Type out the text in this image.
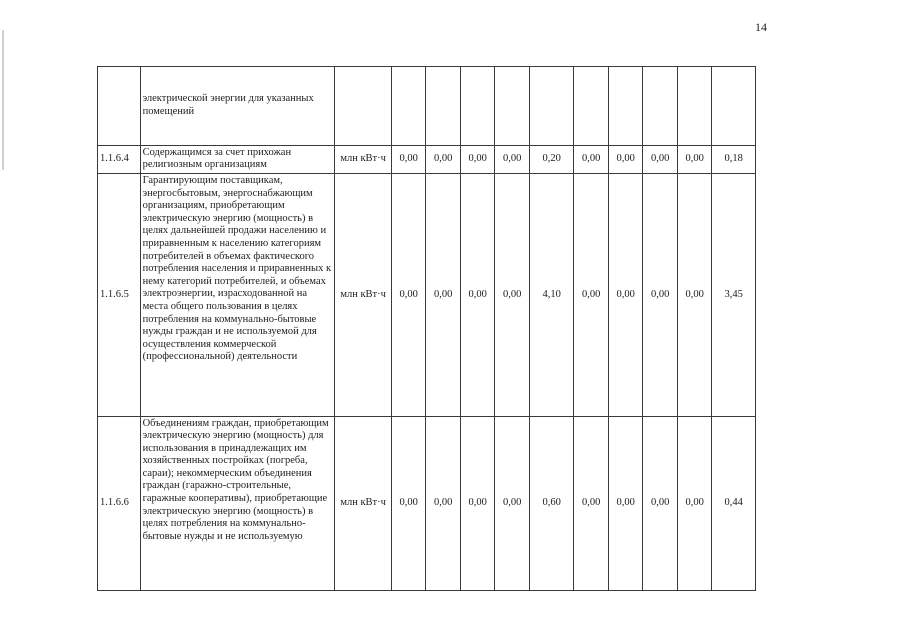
14

	электрической энергии для указанных помещений											

1.1.6.4	Содержащимся за счет прихожан религиозным организациям	млн кВт·ч	0,00	0,00	0,00	0,00	0,20	0,00	0,00	0,00	0,00	0,18
1.1.6.5	Гарантирующим поставщикам, энергосбытовым, энергоснабжающим организациям, приобретающим электрическую энергию (мощность) в целях дальнейшей продажи населению и приравненным к населению категориям потребителей в объемах фактического потребления населения и приравненных к нему категорий потребителей, и объемах электроэнергии, израсходованной на места общего пользования в целях потребления на коммунально-бытовые нужды граждан и не используемой для осуществления коммерческой (профессиональной) деятельности	млн кВт·ч	0,00	0,00	0,00	0,00	4,10	0,00	0,00	0,00	0,00	3,45
1.1.6.6	Объединениям граждан, приобретающим электрическую энергию (мощность) для использования в принадлежащих им хозяйственных постройках (погреба, сараи); некоммерческим объединения граждан (гаражно-строительные, гаражные кооперативы), приобретающие электрическую энергию (мощность) в целях потребления на коммунально-бытовые нужды и не используемую	млн кВт·ч	0,00	0,00	0,00	0,00	0,60	0,00	0,00	0,00	0,00	0,44
